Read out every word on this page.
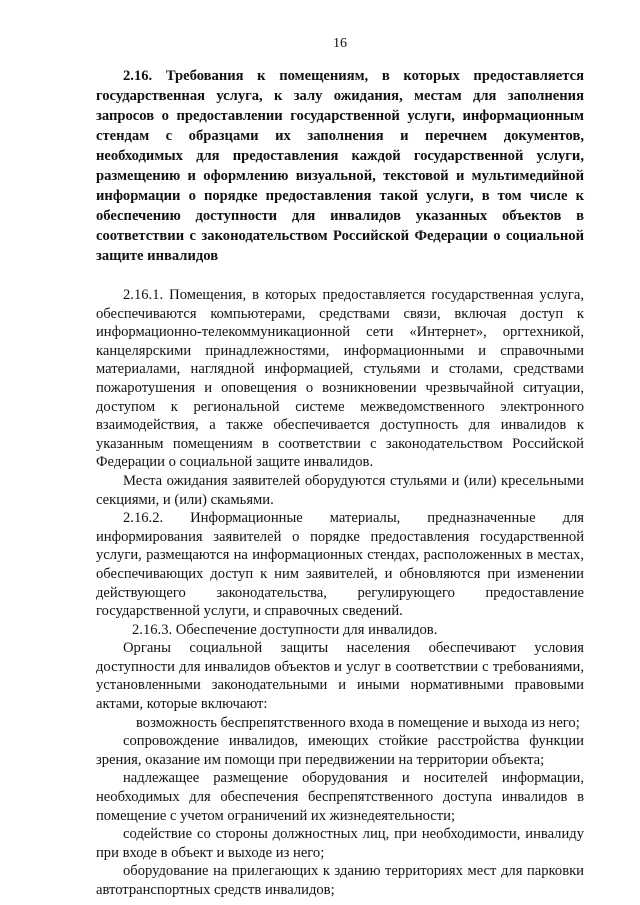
16
2.16. Требования к помещениям, в которых предоставляется государственная услуга, к залу ожидания, местам для заполнения запросов о предоставлении государственной услуги, информационным стендам с образцами их заполнения и перечнем документов, необходимых для предоставления каждой государственной услуги, размещению и оформлению визуальной, текстовой и мультимедийной информации о порядке предоставления такой услуги, в том числе к обеспечению доступности для инвалидов указанных объектов в соответствии с законодательством Российской Федерации о социальной защите инвалидов

2.16.1. Помещения, в которых предоставляется государственная услуга, обеспечиваются компьютерами, средствами связи, включая доступ к информационно-телекоммуникационной сети «Интернет», оргтехникой, канцелярскими принадлежностями, информационными и справочными материалами, наглядной информацией, стульями и столами, средствами пожаротушения и оповещения о возникновении чрезвычайной ситуации, доступом к региональной системе межведомственного электронного взаимодействия, а также обеспечивается доступность для инвалидов к указанным помещениям в соответствии с законодательством Российской Федерации о социальной защите инвалидов.

Места ожидания заявителей оборудуются стульями и (или) кресельными секциями, и (или) скамьями.

2.16.2. Информационные материалы, предназначенные для информирования заявителей о порядке предоставления государственной услуги, размещаются на информационных стендах, расположенных в местах, обеспечивающих доступ к ним заявителей, и обновляются при изменении действующего законодательства, регулирующего предоставление государственной услуги, и справочных сведений.

2.16.3. Обеспечение доступности для инвалидов.

Органы социальной защиты населения обеспечивают условия доступности для инвалидов объектов и услуг в соответствии с требованиями, установленными законодательными и иными нормативными правовыми актами, которые включают:

возможность беспрепятственного входа в помещение и выхода из него;

сопровождение инвалидов, имеющих стойкие расстройства функции зрения, оказание им помощи при передвижении на территории объекта;

надлежащее размещение оборудования и носителей информации, необходимых для обеспечения беспрепятственного доступа инвалидов в помещение с учетом ограничений их жизнедеятельности;

содействие со стороны должностных лиц, при необходимости, инвалиду при входе в объект и выходе из него;

оборудование на прилегающих к зданию территориях мест для парковки автотранспортных средств инвалидов;
